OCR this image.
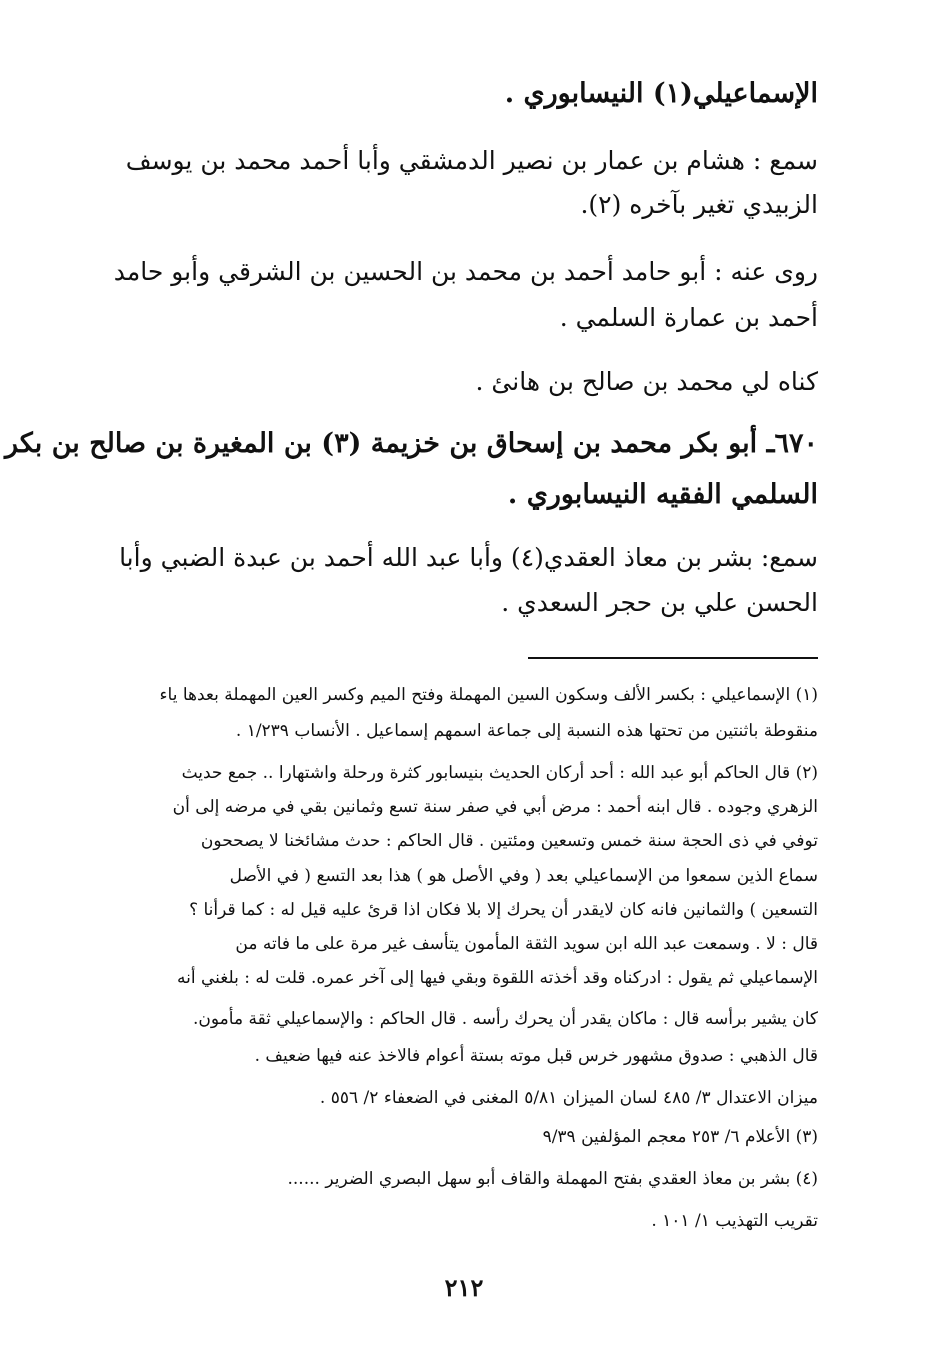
الإسماعيلي(١) النيسابوري .
سمع : هشام بن عمار بن نصير الدمشقي وأبا أحمد محمد بن يوسف
الزبيدي تغير بآخره (٢).
روى عنه : أبو حامد أحمد بن محمد بن الحسين بن الشرقي وأبو حامد
أحمد بن عمارة السلمي .
كناه لي محمد بن صالح بن هانئ .
٦٧٠ـ أبو بكر محمد بن إسحاق بن خزيمة (٣) بن المغيرة بن صالح بن بكر
السلمي الفقيه النيسابوري .
سمع: بشر بن معاذ العقدي(٤) وأبا عبد الله أحمد بن عبدة الضبي وأبا
الحسن علي بن حجر السعدي .
(١) الإسماعيلي : بكسر الألف وسكون السين المهملة وفتح الميم وكسر العين المهملة بعدها ياء
منقوطة باثنتين من تحتها هذه النسبة إلى جماعة اسمهم إسماعيل . الأنساب ١/٢٣٩ .
(٢) قال الحاكم أبو عبد الله : أحد أركان الحديث بنيسابور كثرة ورحلة واشتهارا .. جمع حديث
الزهري وجوده . قال ابنه أحمد : مرض أبي في صفر سنة تسع وثمانين بقي في مرضه إلى أن
توفي في ذى الحجة سنة خمس وتسعين ومئتين . قال الحاكم : حدث مشائخنا لا يصححون
سماع الذين سمعوا من الإسماعيلي بعد ( وفي الأصل هو ) هذا بعد التسع ( في الأصل
التسعين ) والثمانين فانه كان لايقدر أن يحرك إلا بلا فكان اذا قرئ عليه قيل له : كما قرأنا ؟
قال : لا . وسمعت عبد الله ابن سويد الثقة المأمون يتأسف غير مرة على ما فاته من
الإسماعيلي ثم يقول : ادركناه وقد أخذته اللقوة وبقي فيها إلى آخر عمره. قلت له : بلغني أنه
كان يشير برأسه قال : ماكان يقدر أن يحرك رأسه . قال الحاكم : والإسماعيلي ثقة مأمون.
قال الذهبي : صدوق مشهور خرس قبل موته بستة أعوام فالاخذ عنه فيها ضعيف .
ميزان الاعتدال ٣/ ٤٨٥ لسان الميزان ٥/٨١ المغنى في الضعفاء ٢/ ٥٥٦ .
(٣) الأعلام ٦/ ٢٥٣ معجم المؤلفين ٩/٣٩
(٤) بشر بن معاذ العقدي بفتح المهملة والقاف أبو سهل البصري الضرير ......
تقريب التهذيب ١/ ١٠١ .
٢١٢
